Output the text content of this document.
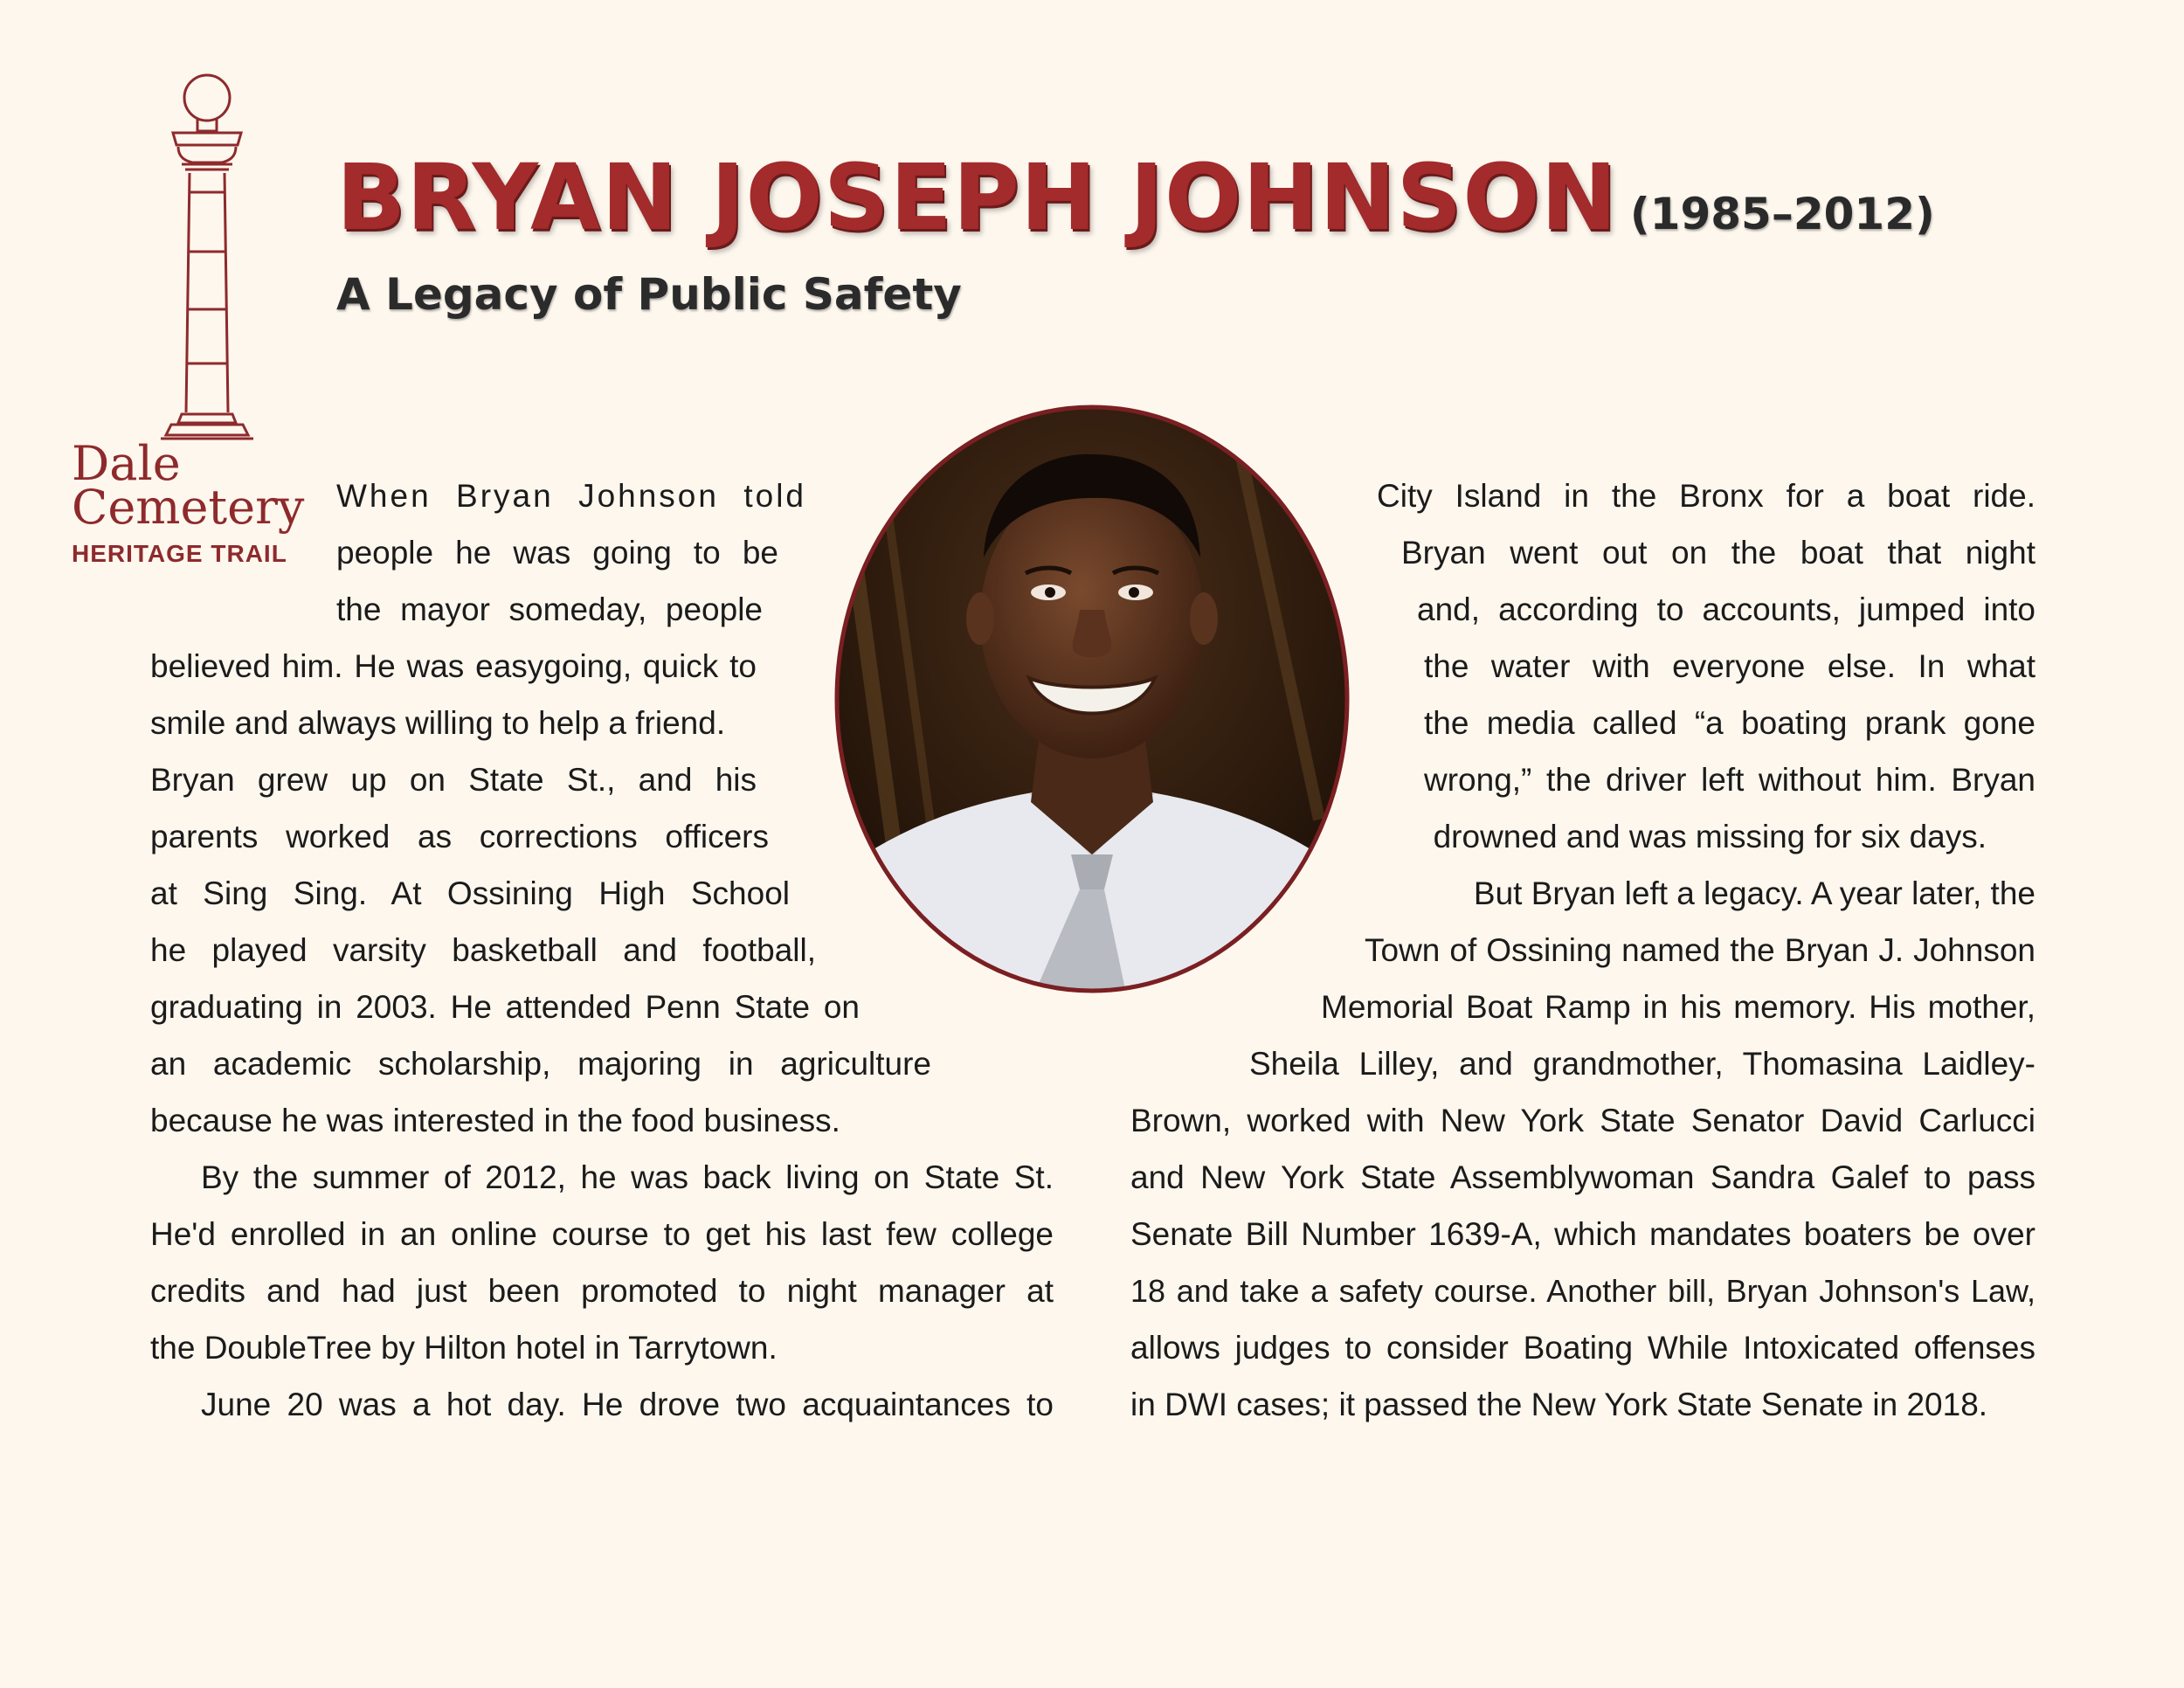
Dale
Cemetery
HERITAGE TRAIL
BRYAN JOSEPH JOHNSON (1985–2012)
A Legacy of Public Safety
When Bryan Johnson told
people he was going to be
the mayor someday, people
believed him. He was easygoing, quick to
smile and always willing to help a friend.
Bryan grew up on State St., and his
parents worked as corrections officers
at Sing Sing. At Ossining High School
he played varsity basketball and football,
graduating in 2003. He attended Penn State on
an academic scholarship, majoring in agriculture
because he was interested in the food business.
By the summer of 2012, he was back living on State St.
He'd enrolled in an online course to get his last few college
credits and had just been promoted to night manager at
the DoubleTree by Hilton hotel in Tarrytown.
June 20 was a hot day. He drove two acquaintances to
City Island in the Bronx for a boat ride.
Bryan went out on the boat that night
and, according to accounts, jumped into
the water with everyone else. In what
the media called “a boating prank gone
wrong,” the driver left without him. Bryan
drowned and was missing for six days.
But Bryan left a legacy. A year later, the
Town of Ossining named the Bryan J. Johnson
Memorial Boat Ramp in his memory. His mother,
Sheila Lilley, and grandmother, Thomasina Laidley-
Brown, worked with New York State Senator David Carlucci
and New York State Assemblywoman Sandra Galef to pass
Senate Bill Number 1639-A, which mandates boaters be over
18 and take a safety course. Another bill, Bryan Johnson's Law,
allows judges to consider Boating While Intoxicated offenses
in DWI cases; it passed the New York State Senate in 2018.
